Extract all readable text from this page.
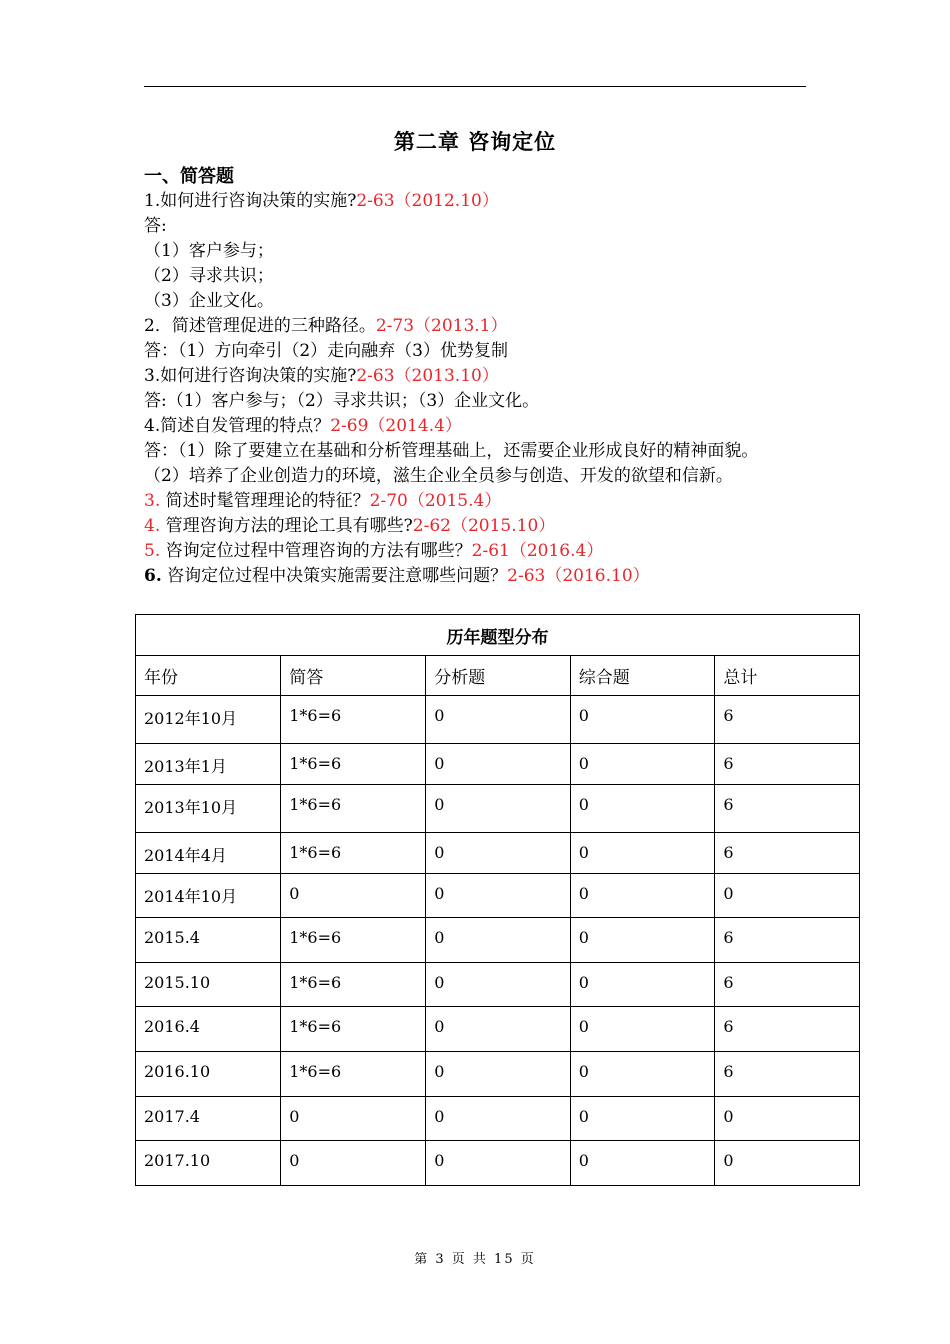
第二章 咨询定位
一、简答题
1.如何进行咨询决策的实施?2-63（2012.10）
答:
（1）客户参与；
（2）寻求共识；
（3）企业文化。
2．简述管理促进的三种路径。2-73（2013.1）
答：（1）方向牵引（2）走向融弃（3）优势复制
3.如何进行咨询决策的实施?2-63（2013.10）
答:（1）客户参与；（2）寻求共识；（3）企业文化。
4.简述自发管理的特点？2-69（2014.4）
答：（1）除了要建立在基础和分析管理基础上，还需要企业形成良好的精神面貌。
（2）培养了企业创造力的环境，滋生企业全员参与创造、开发的欲望和信新。
3. 简述时髦管理理论的特征？2-70（2015.4）
4. 管理咨询方法的理论工具有哪些?2-62（2015.10）
5. 咨询定位过程中管理咨询的方法有哪些？2-61（2016.4）
6. 咨询定位过程中决策实施需要注意哪些问题？2-63（2016.10）
历年题型分布				
年份	简答	分析题	综合题	总计
2012年10月	1*6=6	0	0	6
2013年1月	1*6=6	0	0	6
2013年10月	1*6=6	0	0	6
2014年4月	1*6=6	0	0	6
2014年10月	0	0	0	0
2015.4	1*6=6	0	0	6
2015.10	1*6=6	0	0	6
2016.4	1*6=6	0	0	6
2016.10	1*6=6	0	0	6
2017.4	0	0	0	0
2017.10	0	0	0	0
第 3 页 共 15 页
